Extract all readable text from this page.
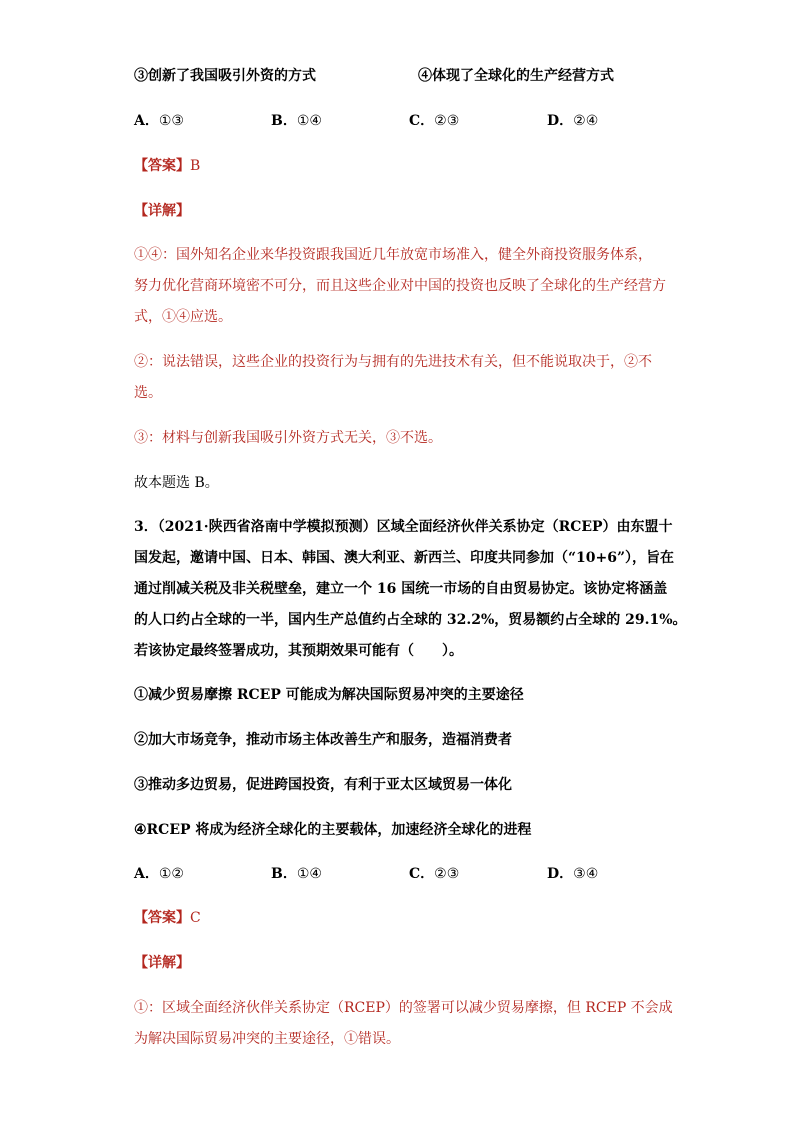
③创新了我国吸引外资的方式	④体现了全球化的生产经营方式
A．①③	B．①④	C．②③	D．②④
【答案】B
【详解】
①④：国外知名企业来华投资跟我国近几年放宽市场准入，健全外商投资服务体系，
努力优化营商环境密不可分，而且这些企业对中国的投资也反映了全球化的生产经营方
式，①④应选。
②：说法错误，这些企业的投资行为与拥有的先进技术有关，但不能说取决于，②不
选。
③：材料与创新我国吸引外资方式无关，③不选。
故本题选 B。
3．（2021·陕西省洛南中学模拟预测）区域全面经济伙伴关系协定（RCEP）由东盟十
国发起，邀请中国、日本、韩国、澳大利亚、新西兰、印度共同参加（“10+6”），旨在
通过削减关税及非关税壁垒，建立一个 16 国统一市场的自由贸易协定。该协定将涵盖
的人口约占全球的一半，国内生产总值约占全球的 32.2%，贸易额约占全球的 29.1%。
若该协定最终签署成功，其预期效果可能有（　　）。
①减少贸易摩擦 RCEP 可能成为解决国际贸易冲突的主要途径
②加大市场竞争，推动市场主体改善生产和服务，造福消费者
③推动多边贸易，促进跨国投资，有利于亚太区域贸易一体化
④RCEP 将成为经济全球化的主要载体，加速经济全球化的进程
A．①②	B．①④	C．②③	D．③④
【答案】C
【详解】
①：区域全面经济伙伴关系协定（RCEP）的签署可以减少贸易摩擦，但 RCEP 不会成
为解决国际贸易冲突的主要途径，①错误。
